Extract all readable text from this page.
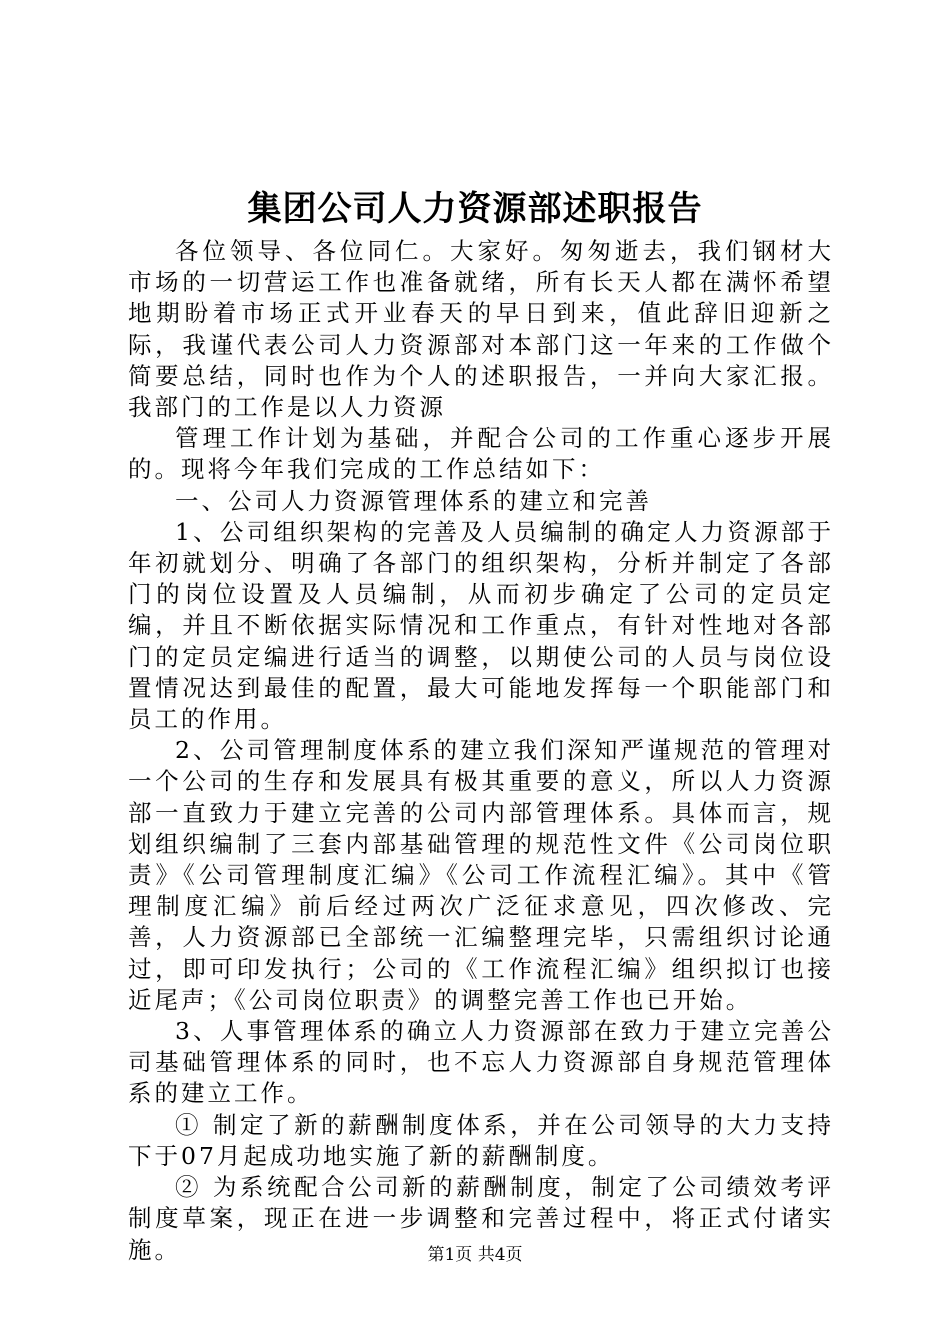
集团公司人力资源部述职报告

各位领导、各位同仁。大家好。匆匆逝去，我们钢材大市场的一切营运工作也准备就绪，所有长天人都在满怀希望地期盼着市场正式开业春天的早日到来，值此辞旧迎新之际，我谨代表公司人力资源部对本部门这一年来的工作做个简要总结，同时也作为个人的述职报告，一并向大家汇报。我部门的工作是以人力资源

管理工作计划为基础，并配合公司的工作重心逐步开展的。现将今年我们完成的工作总结如下：

一、公司人力资源管理体系的建立和完善

1、公司组织架构的完善及人员编制的确定人力资源部于年初就划分、明确了各部门的组织架构，分析并制定了各部门的岗位设置及人员编制，从而初步确定了公司的定员定编，并且不断依据实际情况和工作重点，有针对性地对各部门的定员定编进行适当的调整，以期使公司的人员与岗位设置情况达到最佳的配置，最大可能地发挥每一个职能部门和员工的作用。

2、公司管理制度体系的建立我们深知严谨规范的管理对一个公司的生存和发展具有极其重要的意义，所以人力资源部一直致力于建立完善的公司内部管理体系。具体而言，规划组织编制了三套内部基础管理的规范性文件《公司岗位职责》《公司管理制度汇编》《公司工作流程汇编》。其中《管理制度汇编》前后经过两次广泛征求意见，四次修改、完善，人力资源部已全部统一汇编整理完毕，只需组织讨论通过，即可印发执行；公司的《工作流程汇编》组织拟订也接近尾声；《公司岗位职责》的调整完善工作也已开始。

3、人事管理体系的确立人力资源部在致力于建立完善公司基础管理体系的同时，也不忘人力资源部自身规范管理体系的建立工作。

① 制定了新的薪酬制度体系，并在公司领导的大力支持下于07月起成功地实施了新的薪酬制度。

② 为系统配合公司新的薪酬制度，制定了公司绩效考评制度草案，现正在进一步调整和完善过程中，将正式付诸实施。	第1页 共4页
